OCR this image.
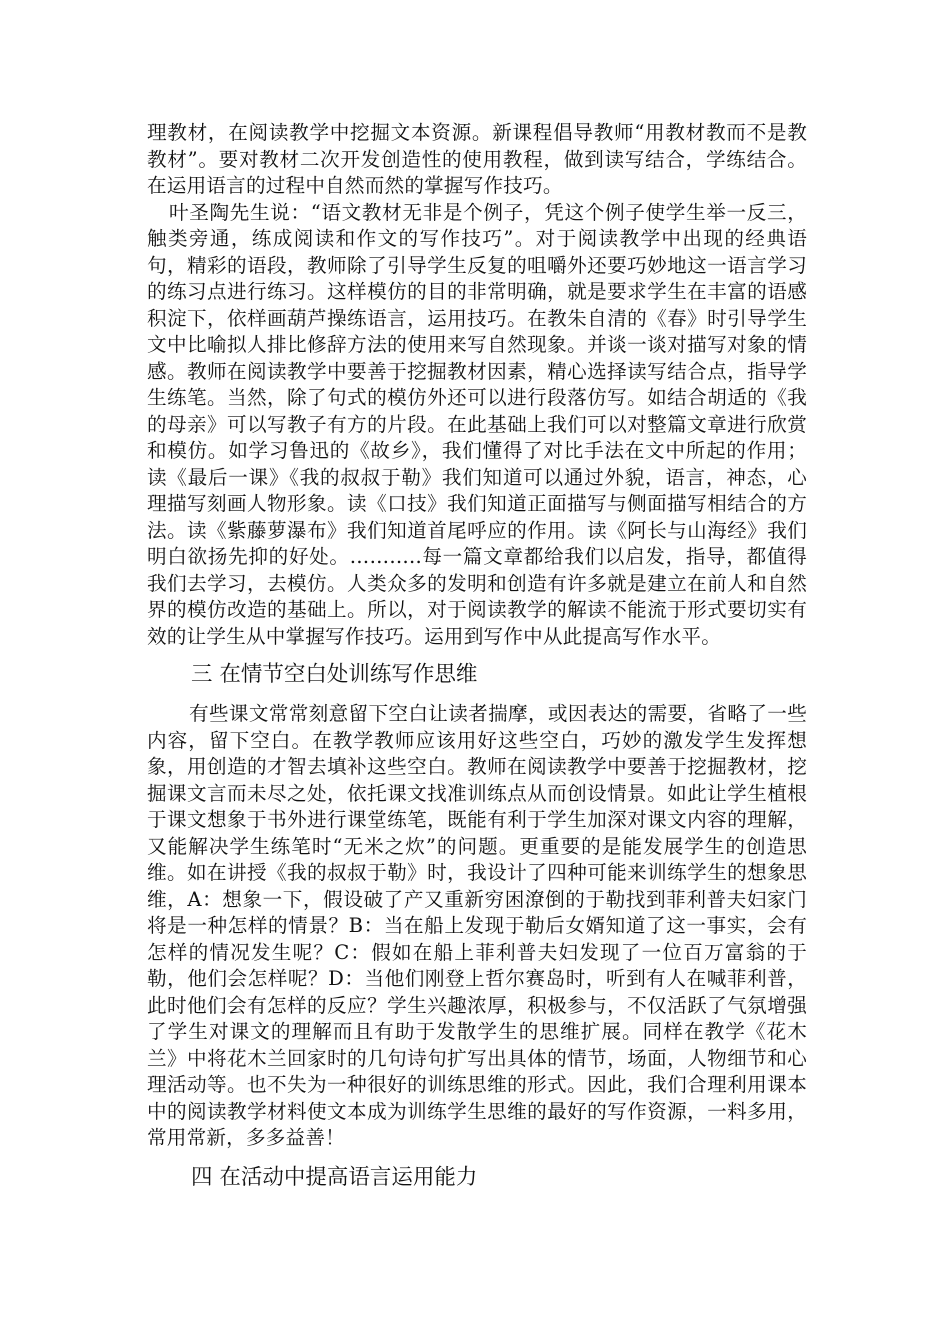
理教材，在阅读教学中挖掘文本资源。新课程倡导教师“用教材教而不是教教材”。要对教材二次开发创造性的使用教程，做到读写结合，学练结合。在运用语言的过程中自然而然的掌握写作技巧。

叶圣陶先生说：“语文教材无非是个例子，凭这个例子使学生举一反三，触类旁通，练成阅读和作文的写作技巧”。对于阅读教学中出现的经典语句，精彩的语段，教师除了引导学生反复的咀嚼外还要巧妙地这一语言学习的练习点进行练习。这样模仿的目的非常明确，就是要求学生在丰富的语感积淀下，依样画葫芦操练语言，运用技巧。在教朱自清的《春》时引导学生文中比喻拟人排比修辞方法的使用来写自然现象。并谈一谈对描写对象的情感。教师在阅读教学中要善于挖掘教材因素，精心选择读写结合点，指导学生练笔。当然，除了句式的模仿外还可以进行段落仿写。如结合胡适的《我的母亲》可以写教子有方的片段。在此基础上我们可以对整篇文章进行欣赏和模仿。如学习鲁迅的《故乡》，我们懂得了对比手法在文中所起的作用；读《最后一课》《我的叔叔于勒》我们知道可以通过外貌，语言，神态，心理描写刻画人物形象。读《口技》我们知道正面描写与侧面描写相结合的方法。读《紫藤萝瀑布》我们知道首尾呼应的作用。读《阿长与山海经》我们明白欲扬先抑的好处。………..每一篇文章都给我们以启发，指导，都值得我们去学习，去模仿。人类众多的发明和创造有许多就是建立在前人和自然界的模仿改造的基础上。所以，对于阅读教学的解读不能流于形式要切实有效的让学生从中掌握写作技巧。运用到写作中从此提高写作水平。

三 在情节空白处训练写作思维

有些课文常常刻意留下空白让读者揣摩，或因表达的需要，省略了一些内容，留下空白。在教学教师应该用好这些空白，巧妙的激发学生发挥想象，用创造的才智去填补这些空白。教师在阅读教学中要善于挖掘教材，挖掘课文言而未尽之处，依托课文找准训练点从而创设情景。如此让学生植根于课文想象于书外进行课堂练笔，既能有利于学生加深对课文内容的理解，又能解决学生练笔时“无米之炊”的问题。更重要的是能发展学生的创造思维。如在讲授《我的叔叔于勒》时，我设计了四种可能来训练学生的想象思维，A：想象一下，假设破了产又重新穷困潦倒的于勒找到菲利普夫妇家门将是一种怎样的情景？B：当在船上发现于勒后女婿知道了这一事实，会有怎样的情况发生呢？C：假如在船上菲利普夫妇发现了一位百万富翁的于勒，他们会怎样呢？D：当他们刚登上哲尔赛岛时，听到有人在喊菲利普，此时他们会有怎样的反应？学生兴趣浓厚，积极参与，不仅活跃了气氛增强了学生对课文的理解而且有助于发散学生的思维扩展。同样在教学《花木兰》中将花木兰回家时的几句诗句扩写出具体的情节，场面，人物细节和心理活动等。也不失为一种很好的训练思维的形式。因此，我们合理利用课本中的阅读教学材料使文本成为训练学生思维的最好的写作资源，一料多用，常用常新，多多益善！

四 在活动中提高语言运用能力
